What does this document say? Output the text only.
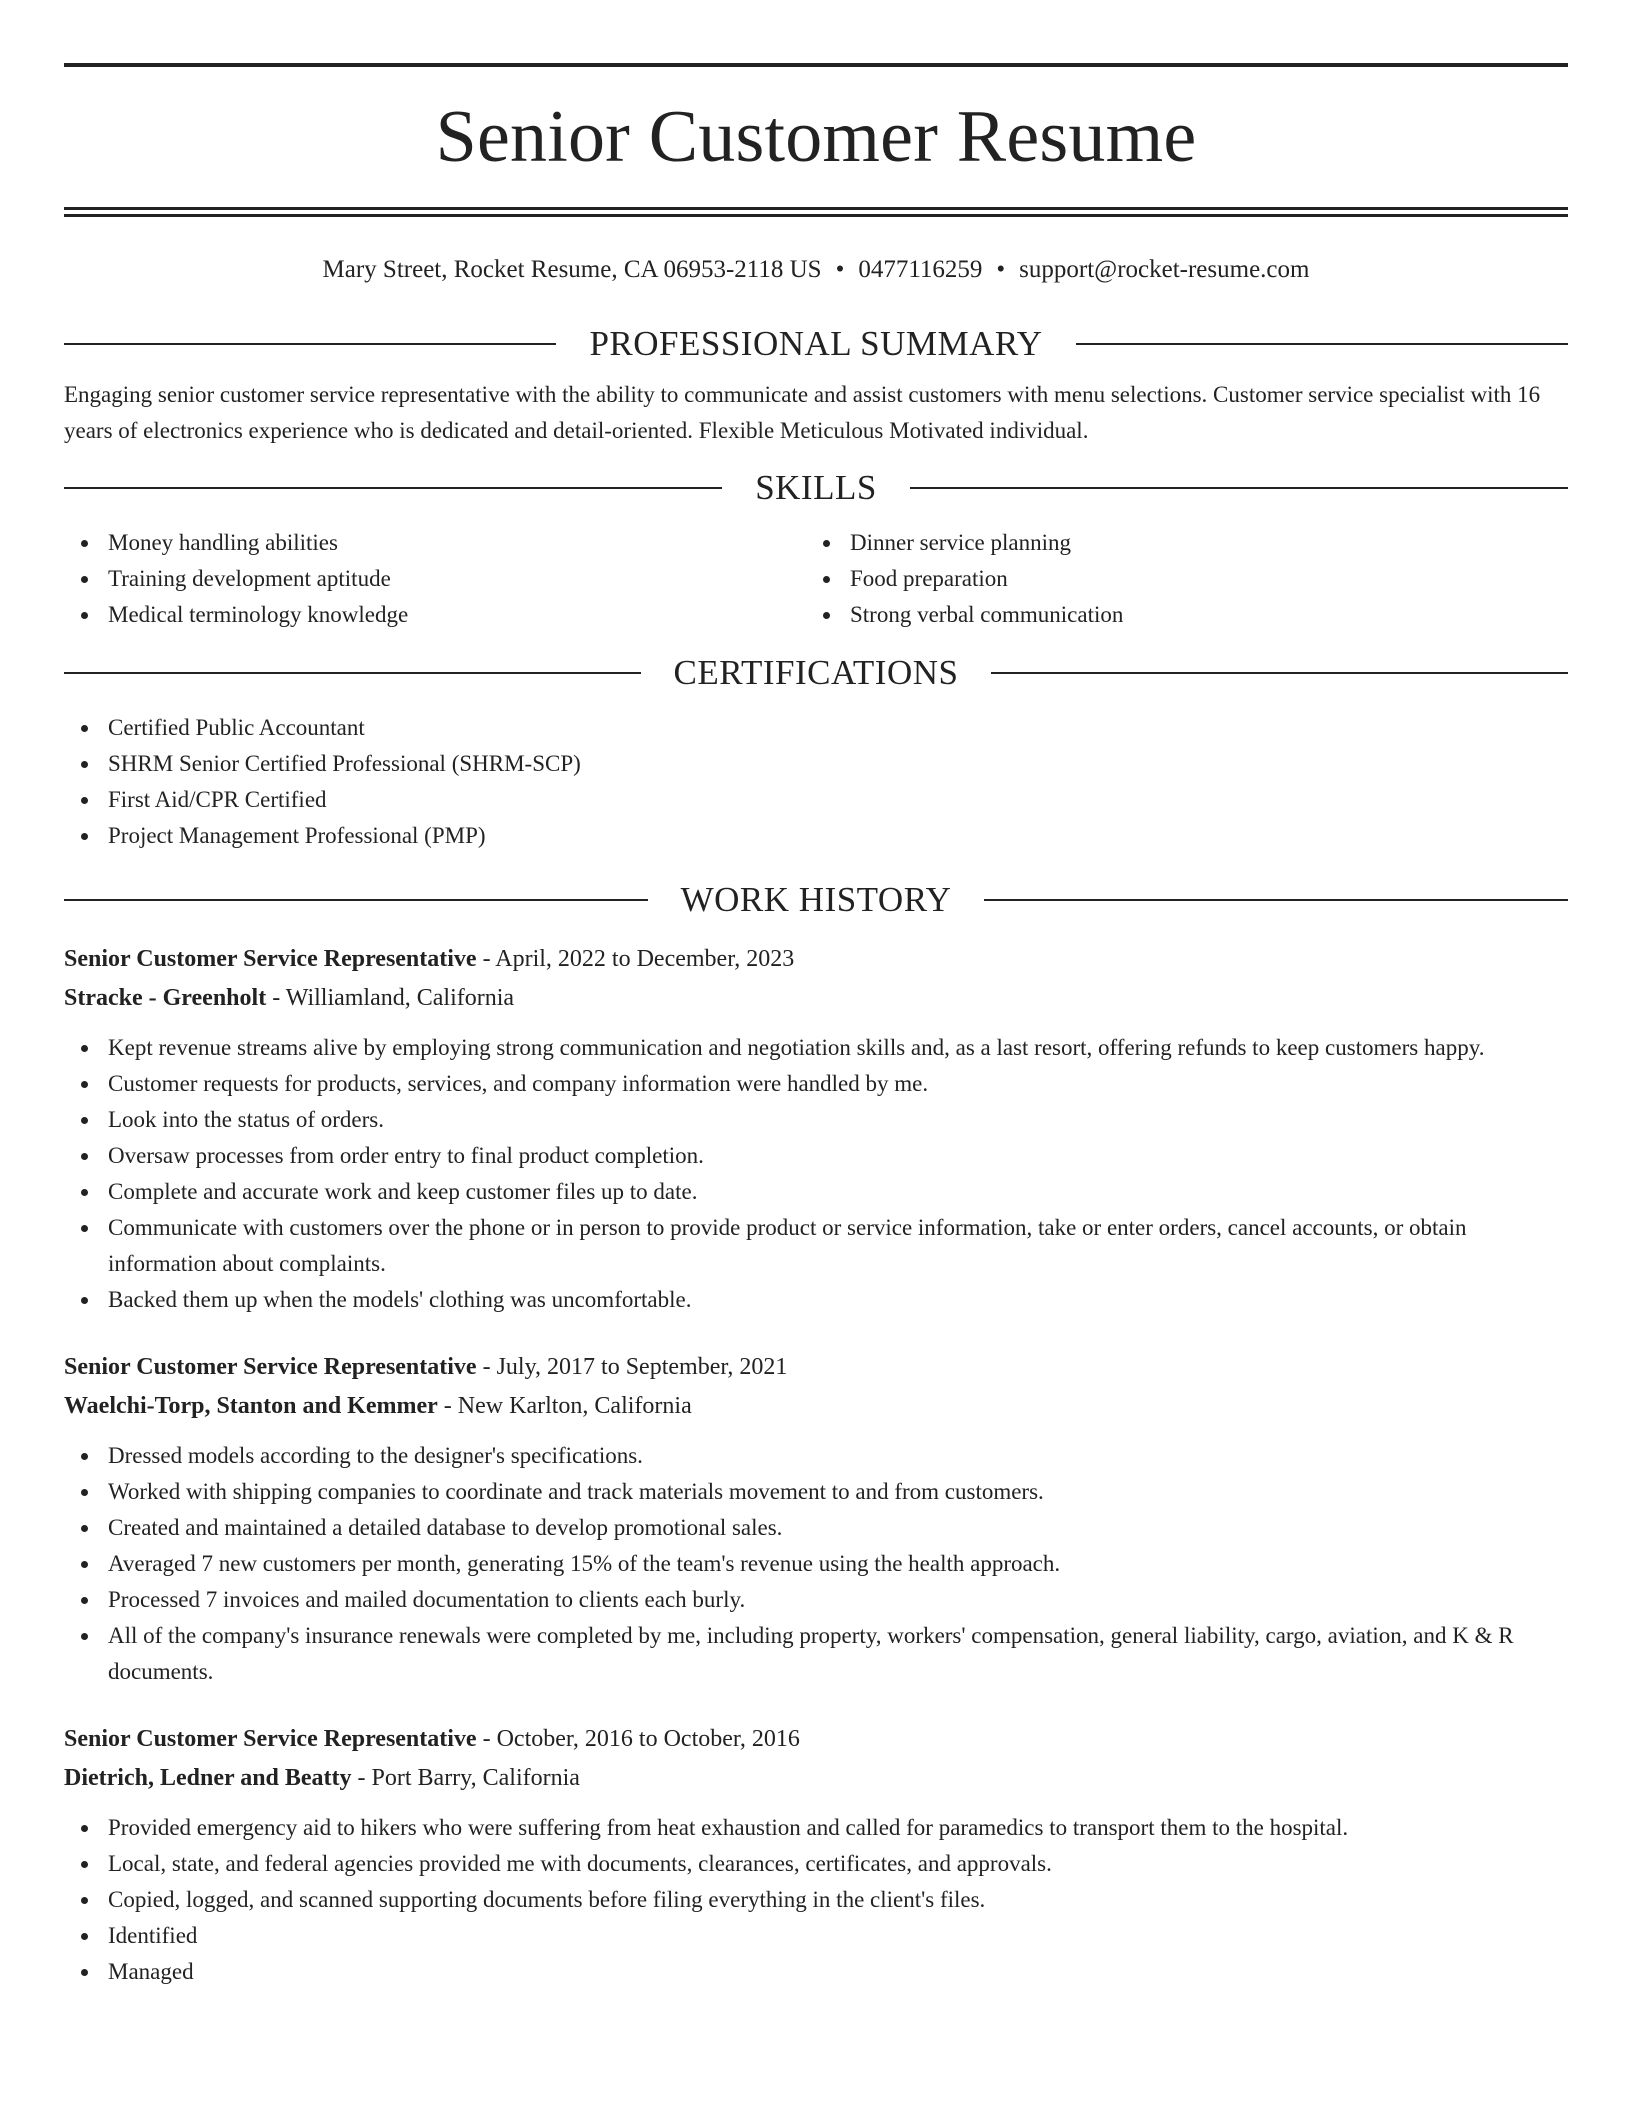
Senior Customer Resume
Mary Street, Rocket Resume, CA 06953-2118 US • 0477116259 • support@rocket-resume.com
PROFESSIONAL SUMMARY
Engaging senior customer service representative with the ability to communicate and assist customers with menu selections. Customer service specialist with 16 years of electronics experience who is dedicated and detail-oriented. Flexible Meticulous Motivated individual.
SKILLS
Money handling abilities
Training development aptitude
Medical terminology knowledge
Dinner service planning
Food preparation
Strong verbal communication
CERTIFICATIONS
Certified Public Accountant
SHRM Senior Certified Professional (SHRM-SCP)
First Aid/CPR Certified
Project Management Professional (PMP)
WORK HISTORY
Senior Customer Service Representative - April, 2022 to December, 2023
Stracke - Greenholt - Williamland, California
Kept revenue streams alive by employing strong communication and negotiation skills and, as a last resort, offering refunds to keep customers happy.
Customer requests for products, services, and company information were handled by me.
Look into the status of orders.
Oversaw processes from order entry to final product completion.
Complete and accurate work and keep customer files up to date.
Communicate with customers over the phone or in person to provide product or service information, take or enter orders, cancel accounts, or obtain information about complaints.
Backed them up when the models' clothing was uncomfortable.
Senior Customer Service Representative - July, 2017 to September, 2021
Waelchi-Torp, Stanton and Kemmer - New Karlton, California
Dressed models according to the designer's specifications.
Worked with shipping companies to coordinate and track materials movement to and from customers.
Created and maintained a detailed database to develop promotional sales.
Averaged 7 new customers per month, generating 15% of the team's revenue using the health approach.
Processed 7 invoices and mailed documentation to clients each burly.
All of the company's insurance renewals were completed by me, including property, workers' compensation, general liability, cargo, aviation, and K & R documents.
Senior Customer Service Representative - October, 2016 to October, 2016
Dietrich, Ledner and Beatty - Port Barry, California
Provided emergency aid to hikers who were suffering from heat exhaustion and called for paramedics to transport them to the hospital.
Local, state, and federal agencies provided me with documents, clearances, certificates, and approvals.
Copied, logged, and scanned supporting documents before filing everything in the client's files.
Identified
Managed
